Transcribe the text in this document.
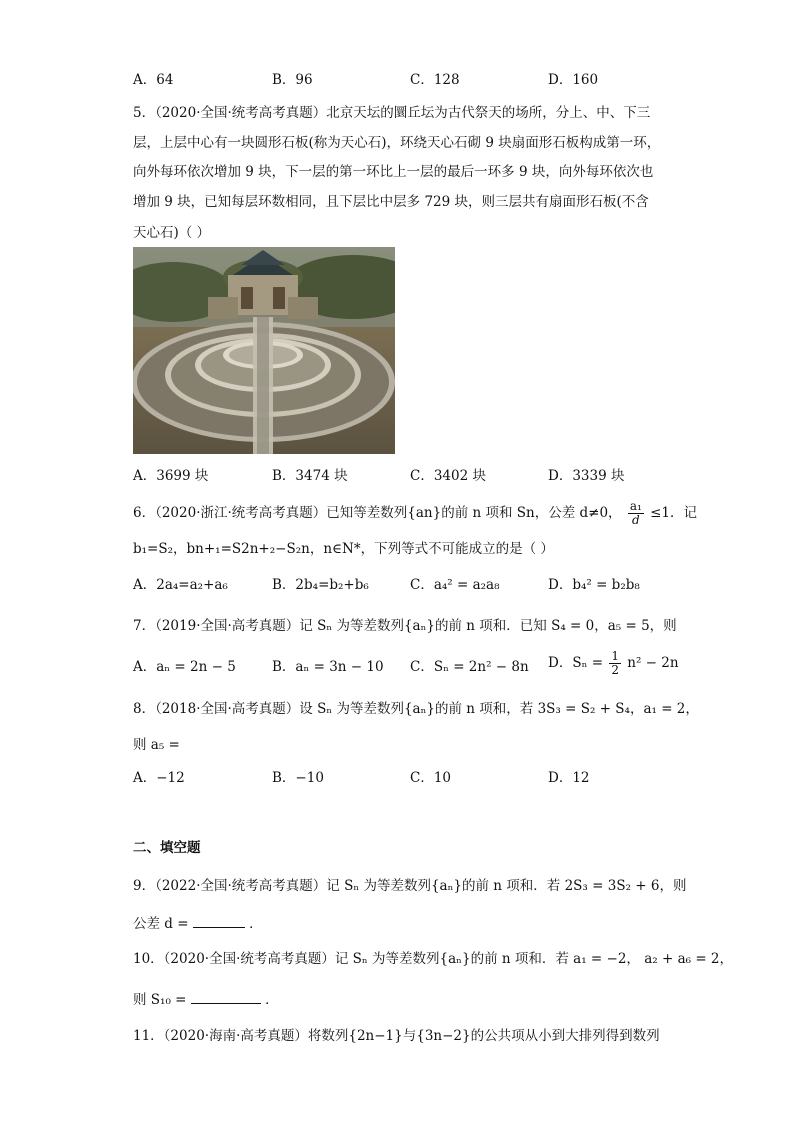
A．64	B．96	C．128	D．160
5．（2020·全国·统考高考真题）北京天坛的圜丘坛为古代祭天的场所，分上、中、下三
层，上层中心有一块圆形石板(称为天心石)，环绕天心石砌 9 块扇面形石板构成第一环，
向外每环依次增加 9 块，下一层的第一环比上一层的最后一环多 9 块，向外每环依次也
增加 9 块，已知每层环数相同，且下层比中层多 729 块，则三层共有扇面形石板(不含
天心石)（ ）
A．3699 块	B．3474 块	C．3402 块	D．3339 块
6．（2020·浙江·统考高考真题）已知等差数列{an}的前 n 项和 Sn，公差 d≠0， $\frac{\text{a₁}}{d} \le 1$．记
b₁=S₂，bn+₁=S2n+₂−S₂n，n∈N*，下列等式不可能成立的是（ ）
A．2a₄=a₂+a₆	B．2b₄=b₂+b₆	C．a₄² = a₂a₈	D．b₄² = b₂b₈
7．（2019·全国·高考真题）记 Sₙ 为等差数列{aₙ}的前 n 项和．已知 S₄ = 0，a₅ = 5，则
A．aₙ = 2n − 5	B．aₙ = 3n − 10 C．Sₙ = 2n² − 8n D．$S_n = \frac{1}{2} n^2 - 2n$
8．（2018·全国·高考真题）设 Sₙ 为等差数列{aₙ}的前 n 项和，若 3S₃ = S₂ + S₄，a₁ = 2，
则 a₅ =
A．−12	B．−10	C．10	D．12
二、填空题
9．（2022·全国·统考高考真题）记 Sₙ 为等差数列{aₙ}的前 n 项和．若 2S₃ = 3S₂ + 6，则
公差 d =	．
10．（2020·全国·统考高考真题）记 Sₙ 为等差数列{aₙ}的前 n 项和．若 a₁ = −2， a₂ + a₆ = 2，
则 S₁₀ =	．
11．（2020·海南·高考真题）将数列{2n−1}与{3n−2}的公共项从小到大排列得到数列
